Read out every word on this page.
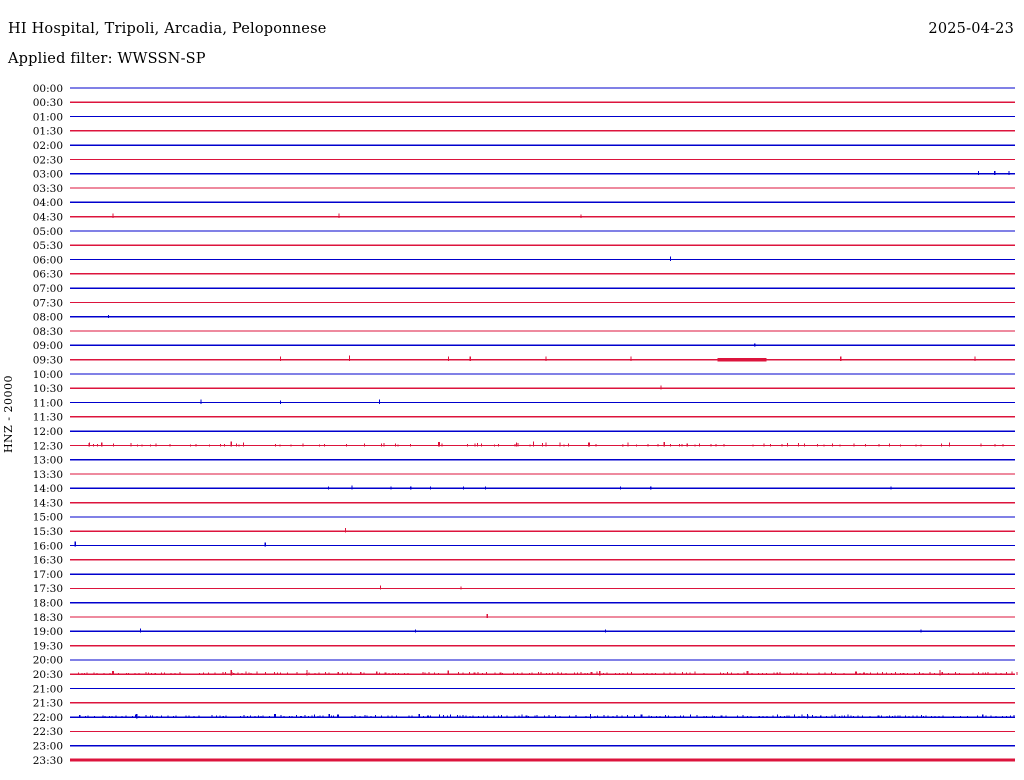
HI Hospital, Tripoli, Arcadia, Peloponnese	2025-04-23
Applied filter: WWSSN-SP
HNZ - 20000
00:00
00:30
01:00
01:30
02:00
02:30
03:00
03:30
04:00
04:30
05:00
05:30
06:00
06:30
07:00
07:30
08:00
08:30
09:00
09:30
10:00
10:30
11:00
11:30
12:00
12:30
13:00
13:30
14:00
14:30
15:00
15:30
16:00
16:30
17:00
17:30
18:00
18:30
19:00
19:30
20:00
20:30
21:00
21:30
22:00
22:30
23:00
23:30
